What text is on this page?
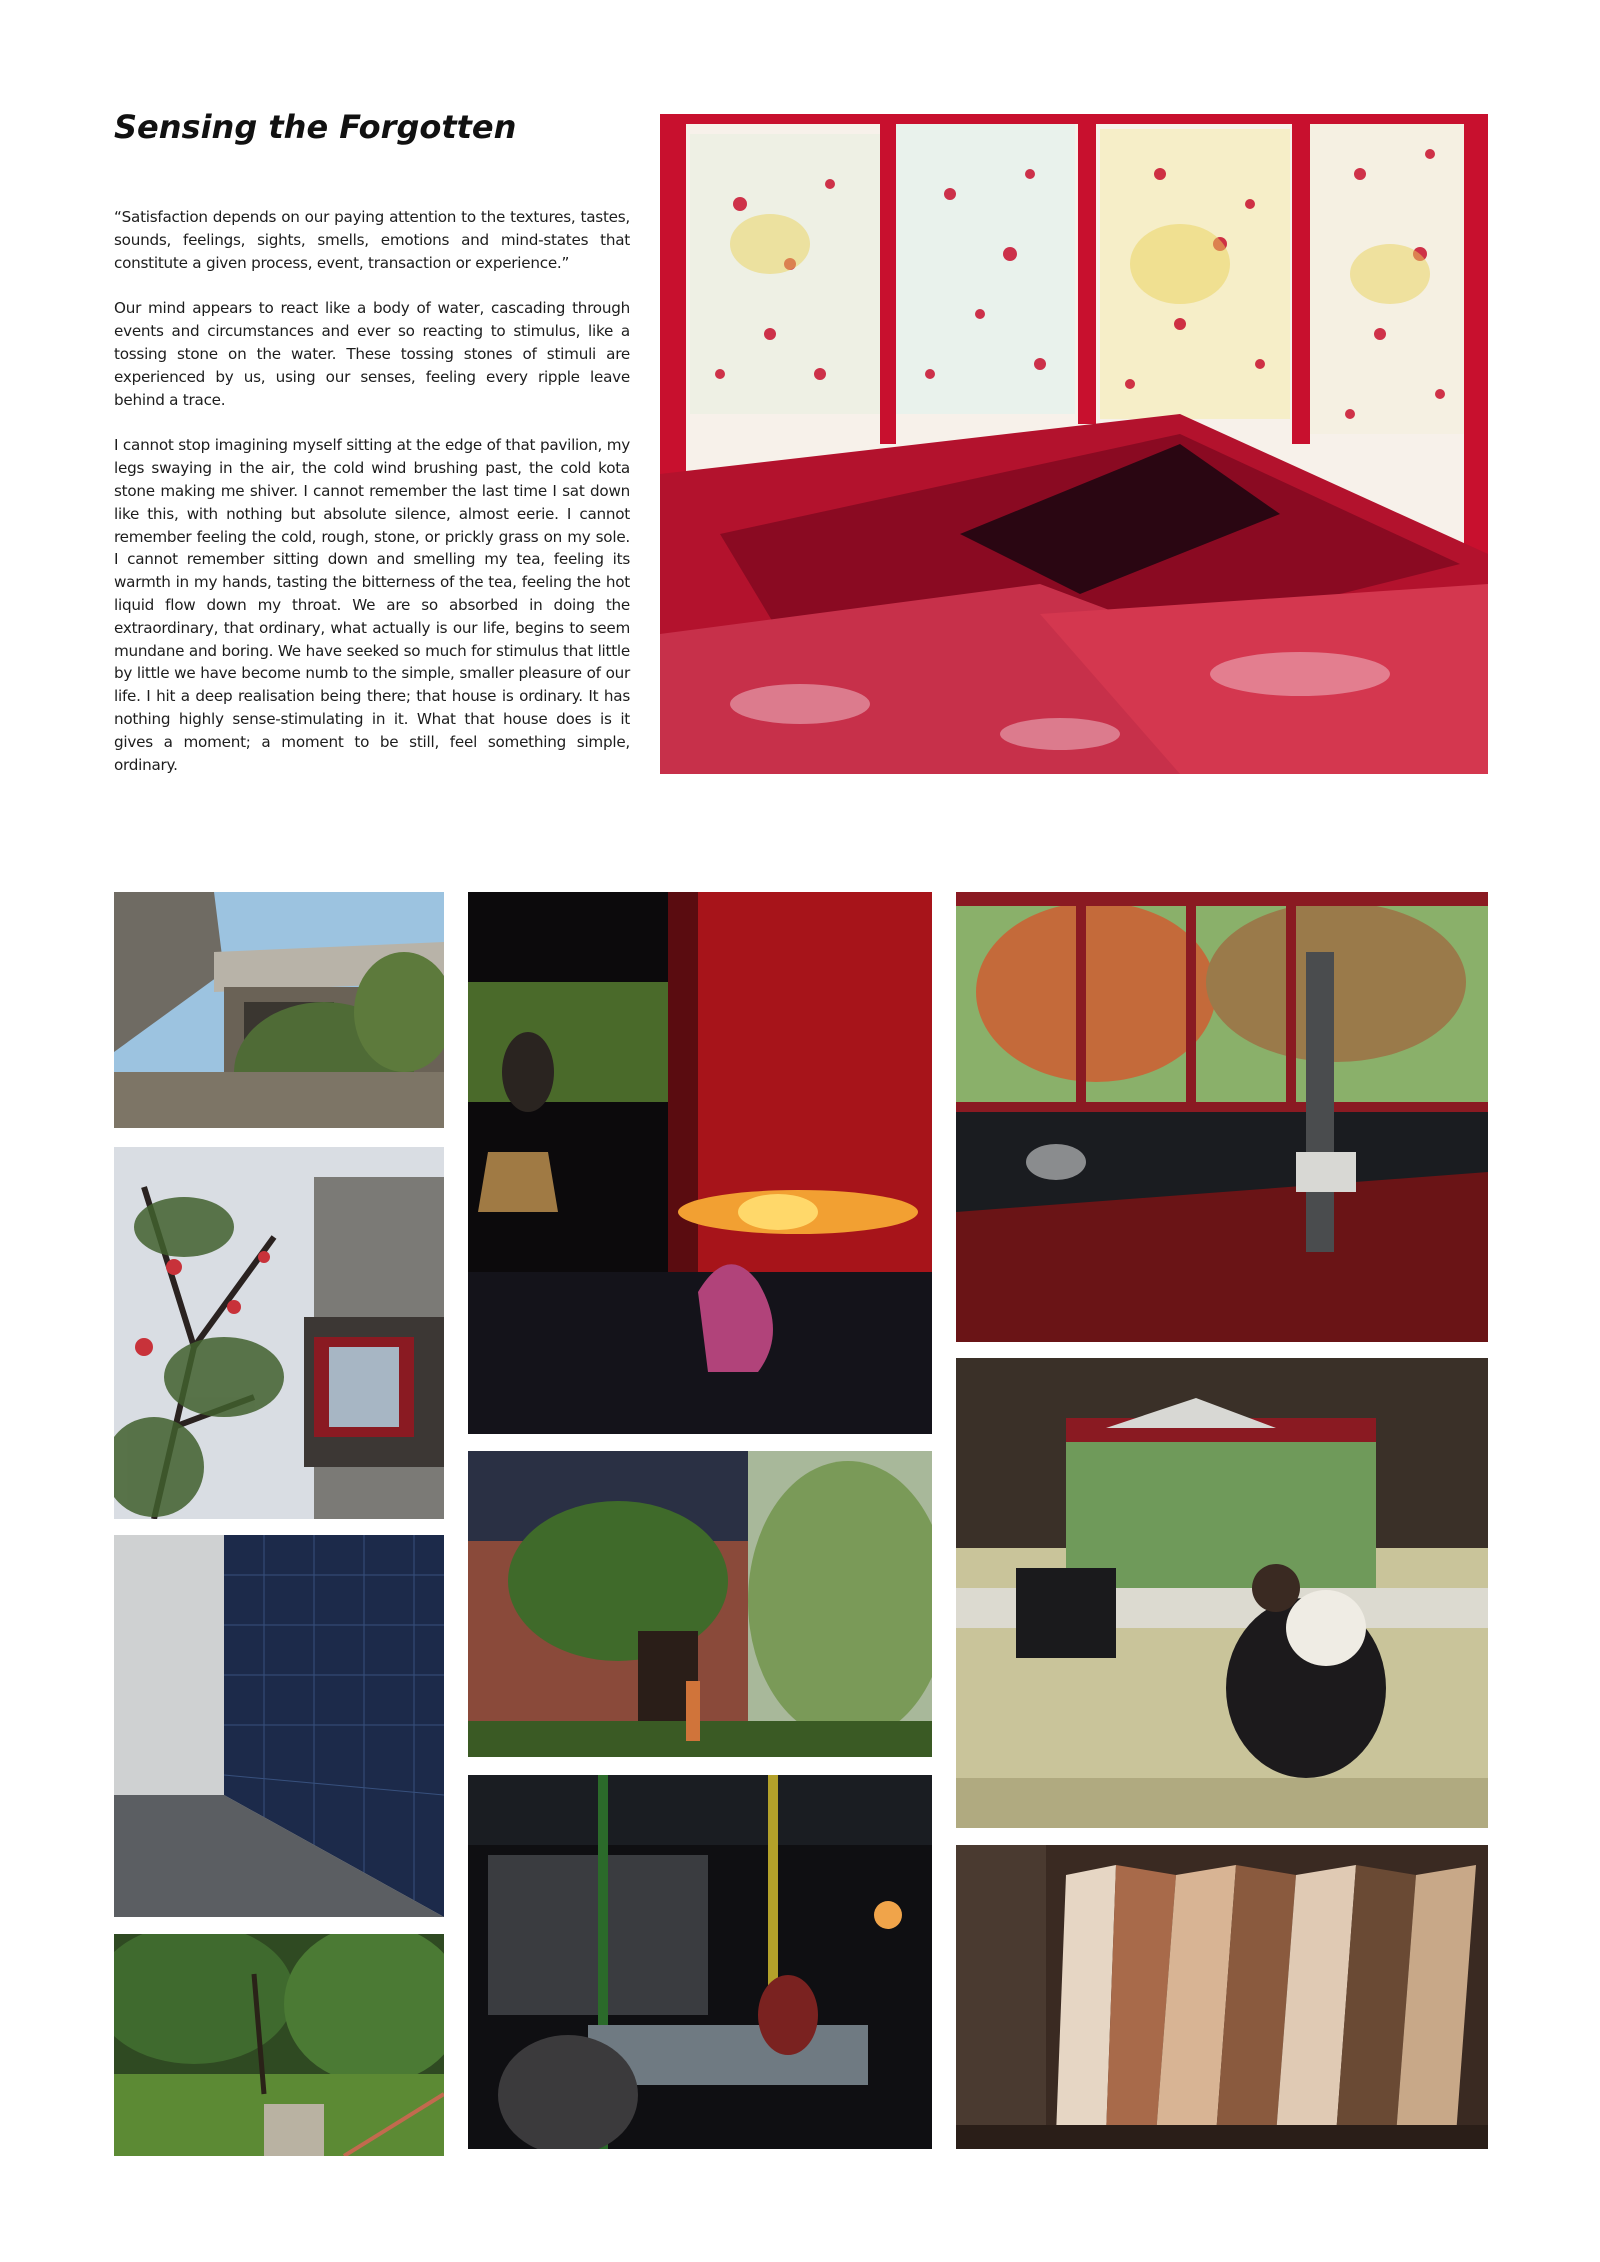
Sensing the Forgotten

“Satisfaction depends on our paying attention to the textures, tastes, sounds, feelings, sights, smells, emotions and mind-states that constitute a given process, event, transaction or experience.”

Our mind appears to react like a body of water, cascading through events and circumstances and ever so reacting to stimulus, like a tossing stone on the water. These tossing stones of stimuli are experienced by us, using our senses, feeling every ripple leave behind a trace.

I cannot stop imagining myself sitting at the edge of that pavilion, my legs swaying in the air, the cold wind brushing past, the cold kota stone making me shiver. I cannot remember the last time I sat down like this, with nothing but absolute silence, almost eerie. I cannot remember feeling the cold, rough, stone, or prickly grass on my sole. I cannot remember sitting down and smelling my tea, feeling its warmth in my hands, tasting the bitterness of the tea, feeling the hot liquid flow down my throat. We are so absorbed in doing the extraordinary, that ordinary, what actually is our life, begins to seem mundane and boring. We have seeked so much for stimulus that little by little we have become numb to the simple, smaller pleasure of our life. I hit a deep realisation being there; that house is ordinary. It has nothing highly sense-stimulating in it. What that house does is it gives a moment; a moment to be still, feel something simple, ordinary.
